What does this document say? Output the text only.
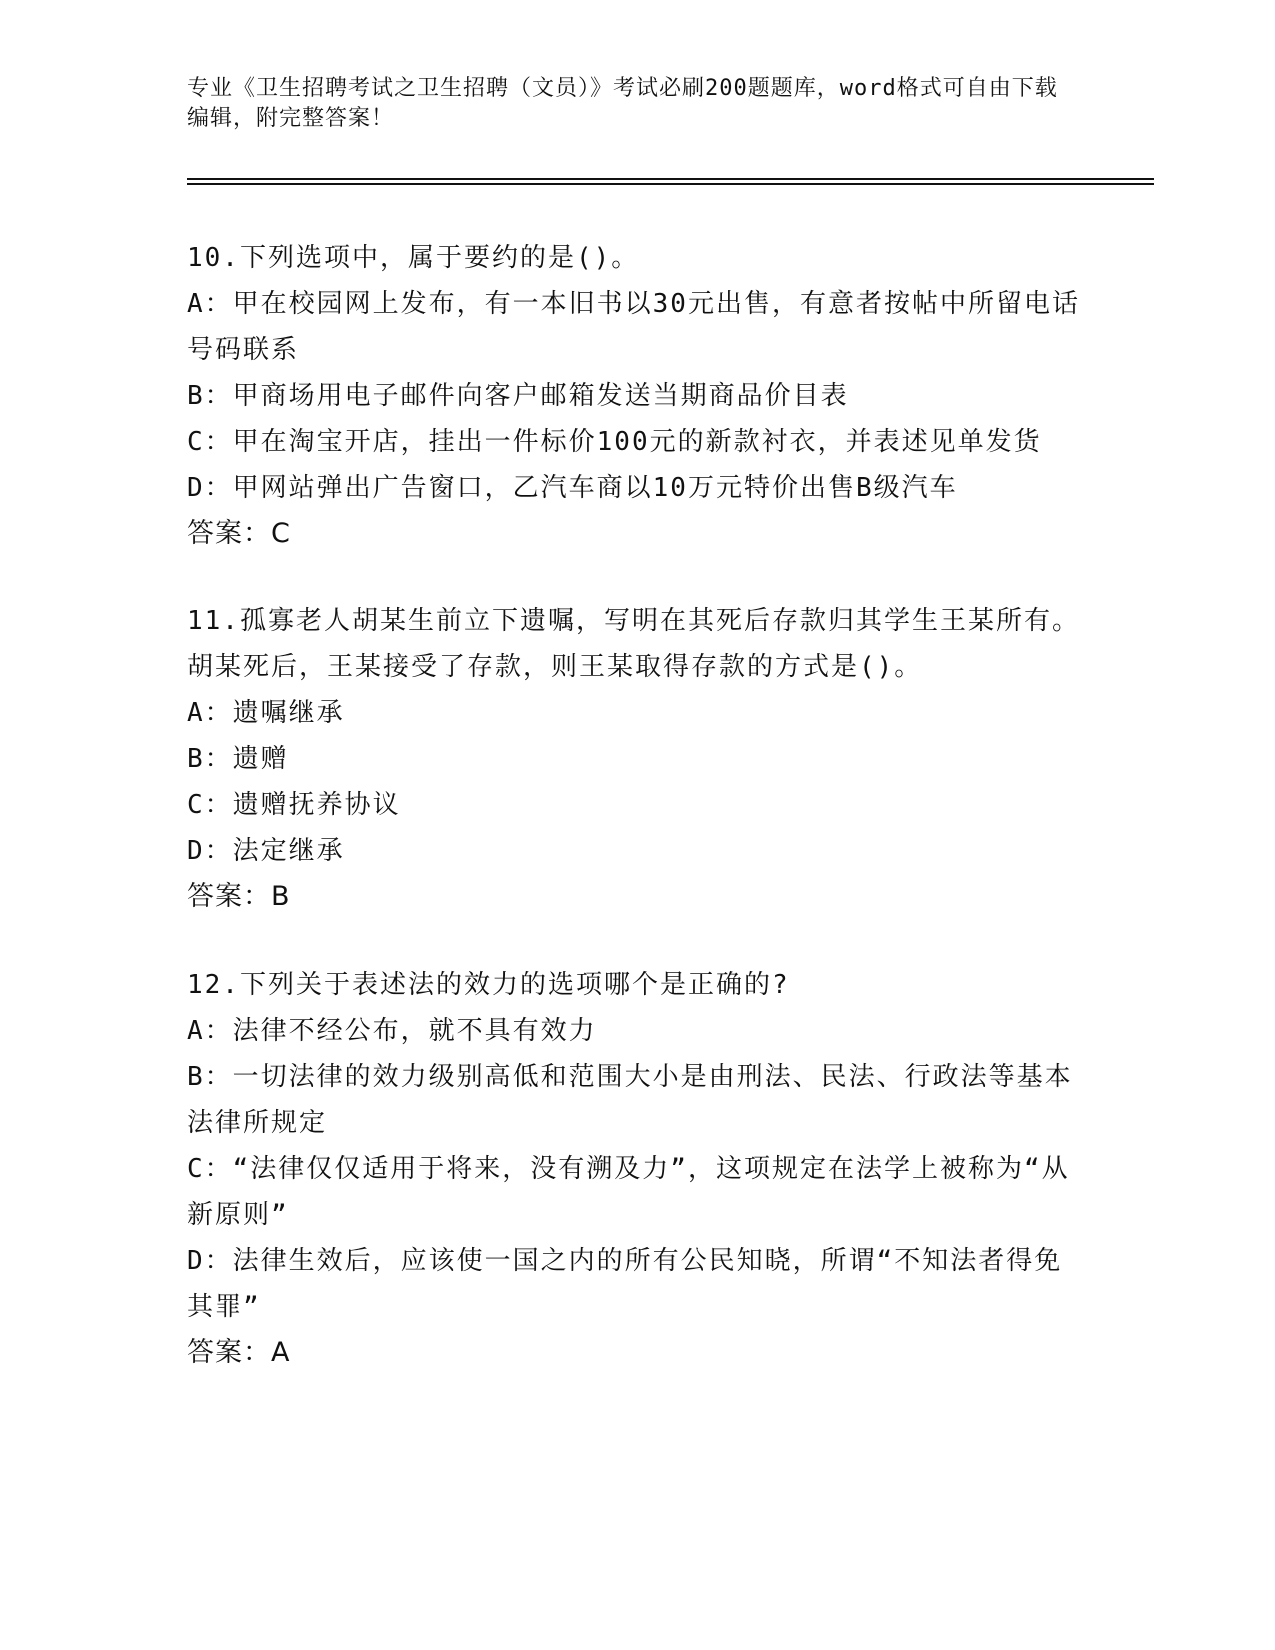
专业《卫生招聘考试之卫生招聘（文员）》考试必刷200题题库，word格式可自由下载编辑，附完整答案！
10.下列选项中，属于要约的是()。
A：甲在校园网上发布，有一本旧书以30元出售，有意者按帖中所留电话号码联系
B：甲商场用电子邮件向客户邮箱发送当期商品价目表
C：甲在淘宝开店，挂出一件标价100元的新款衬衣，并表述见单发货
D：甲网站弹出广告窗口，乙汽车商以10万元特价出售B级汽车
答案：C
11.孤寡老人胡某生前立下遗嘱，写明在其死后存款归其学生王某所有。胡某死后，王某接受了存款，则王某取得存款的方式是()。
A：遗嘱继承
B：遗赠
C：遗赠抚养协议
D：法定继承
答案：B
12.下列关于表述法的效力的选项哪个是正确的?
A：法律不经公布，就不具有效力
B：一切法律的效力级别高低和范围大小是由刑法、民法、行政法等基本法律所规定
C：“法律仅仅适用于将来，没有溯及力”，这项规定在法学上被称为“从新原则”
D：法律生效后，应该使一国之内的所有公民知晓，所谓“不知法者得免其罪”
答案：A
